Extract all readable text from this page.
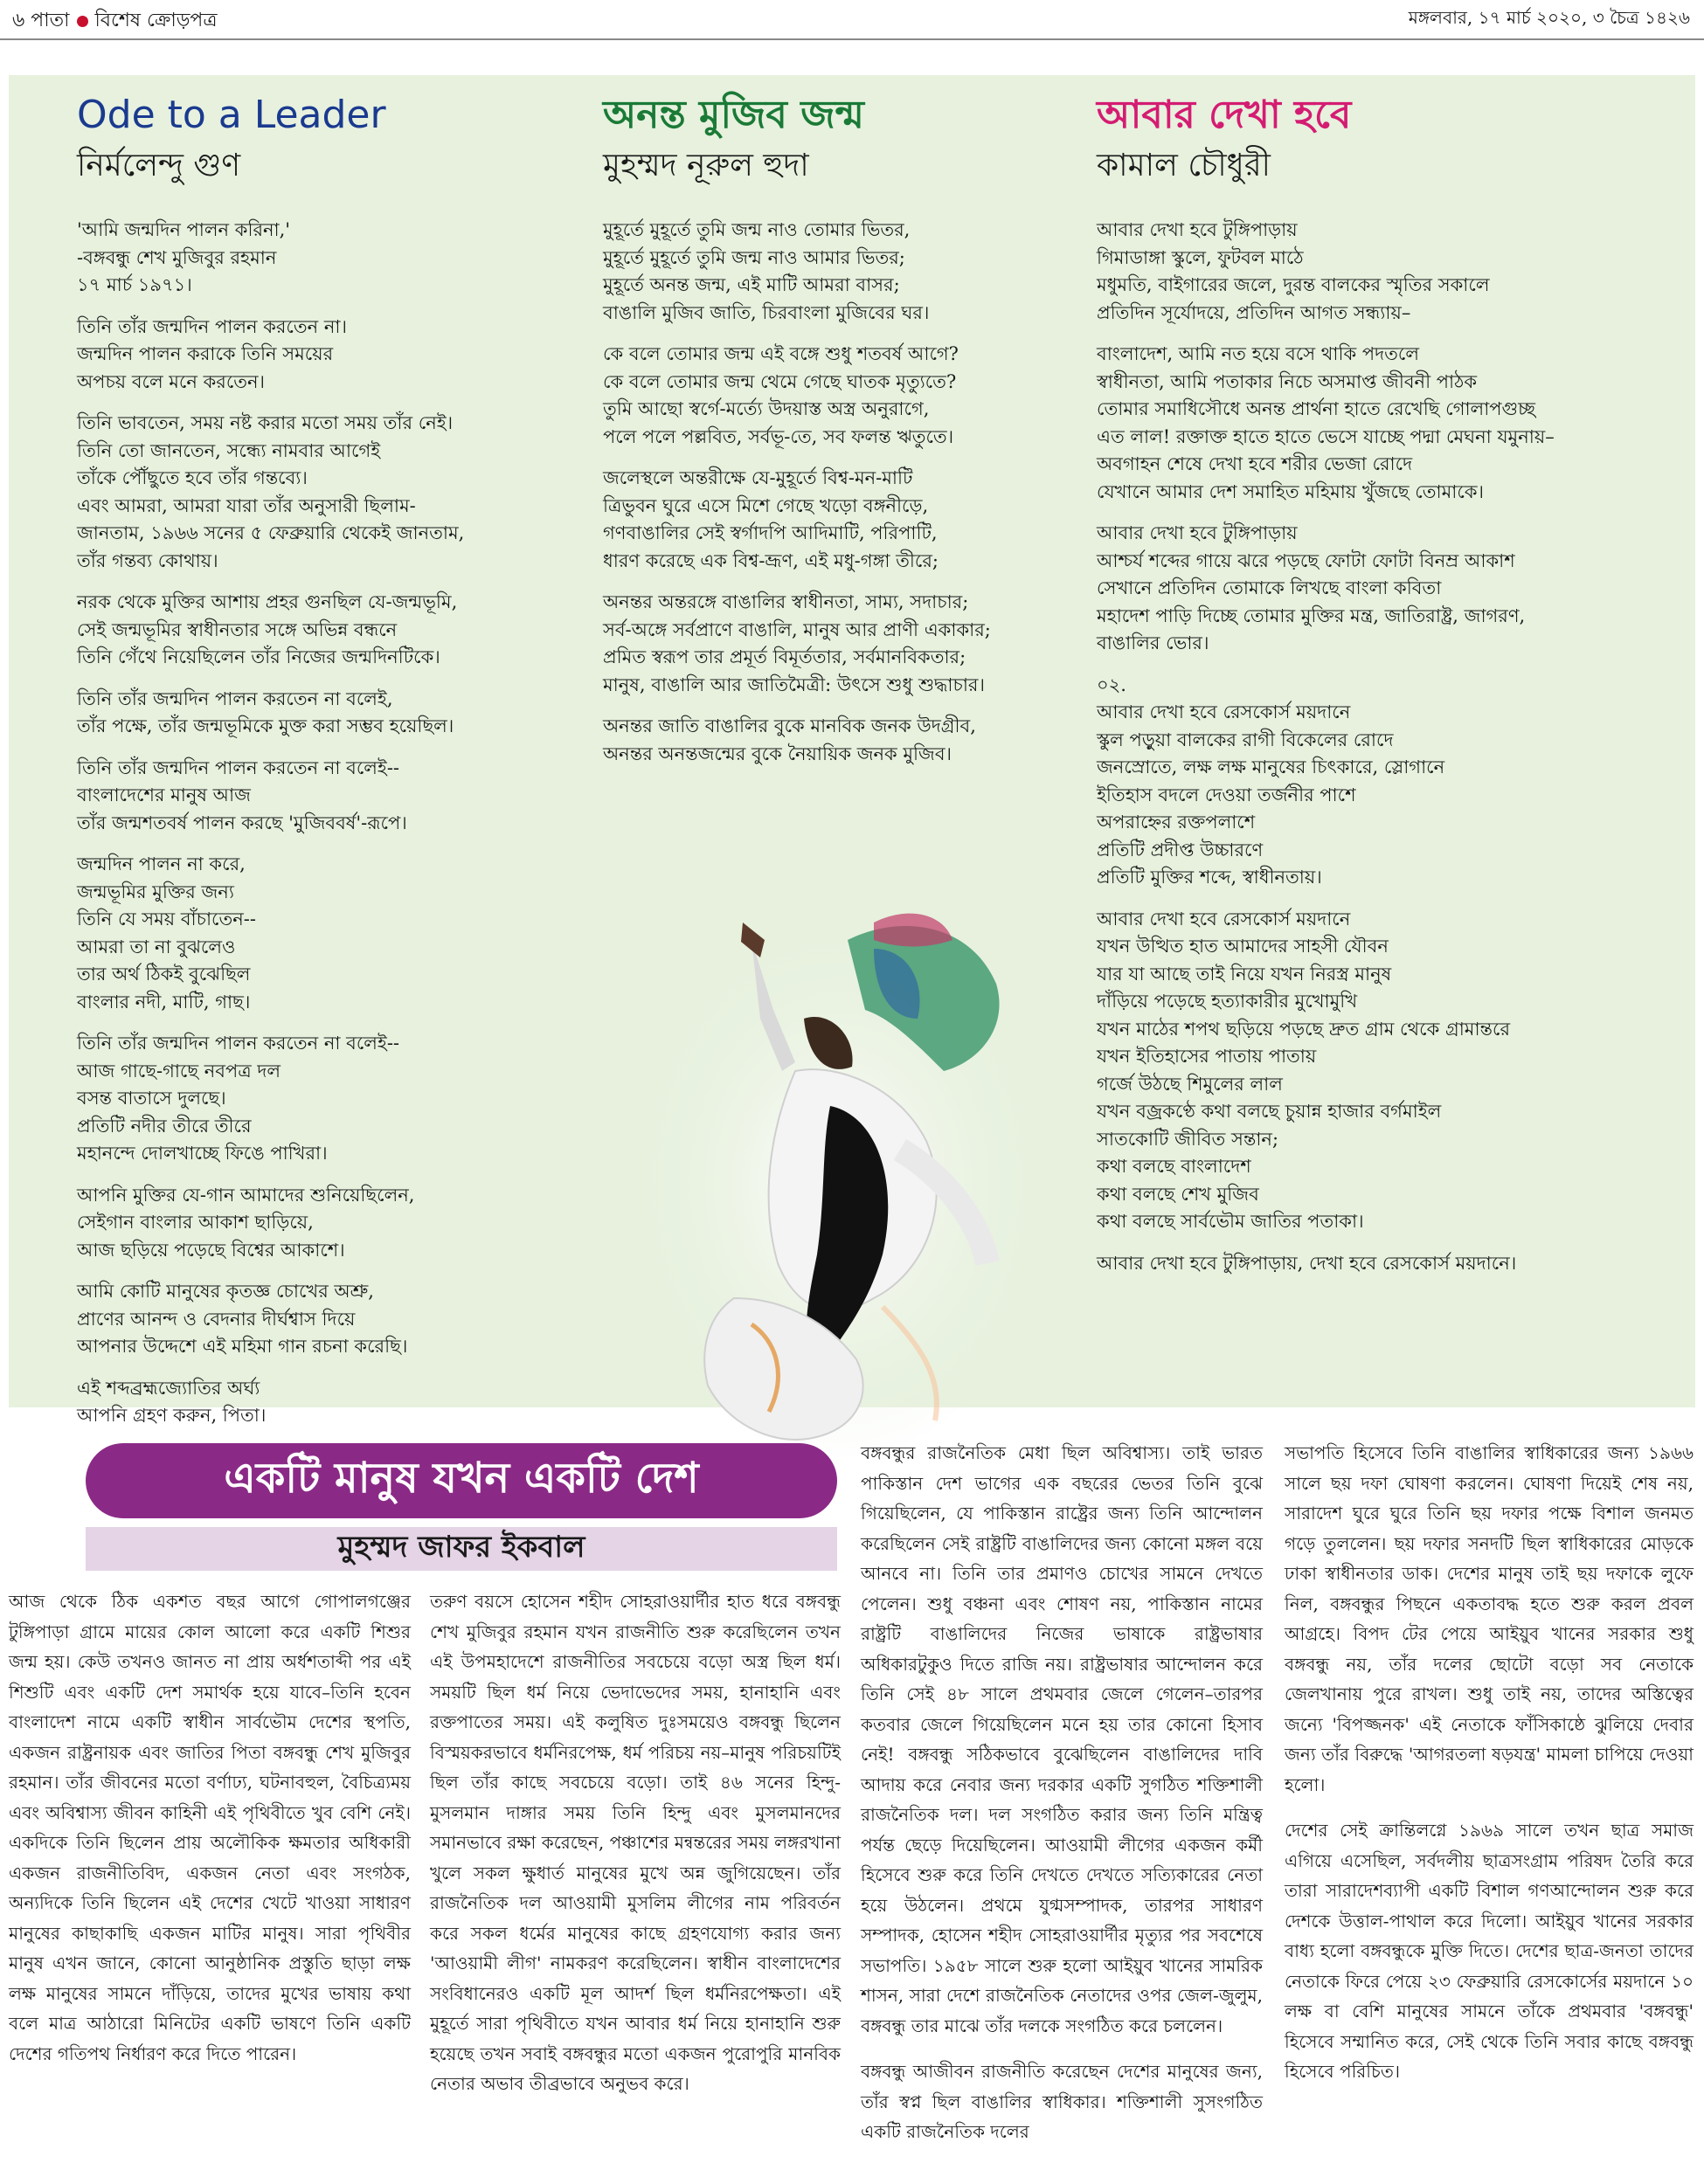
৬ পাতা বিশেষ ক্রোড়পত্র	মঙ্গলবার, ১৭ মার্চ ২০২০, ৩ চৈত্র ১৪২৬
Ode to a Leader
নির্মলেন্দু গুণ
'আমি জন্মদিন পালন করিনা,'
-বঙ্গবন্ধু শেখ মুজিবুর রহমান
১৭ মার্চ ১৯৭১।
তিনি তাঁর জন্মদিন পালন করতেন না।
জন্মদিন পালন করাকে তিনি সময়ের
অপচয় বলে মনে করতেন।
তিনি ভাবতেন, সময় নষ্ট করার মতো সময় তাঁর নেই।
তিনি তো জানতেন, সন্ধ্যে নামবার আগেই
তাঁকে পৌঁছুতে হবে তাঁর গন্তব্যে।
এবং আমরা, আমরা যারা তাঁর অনুসারী ছিলাম-
জানতাম, ১৯৬৬ সনের ৫ ফেব্রুয়ারি থেকেই জানতাম,
তাঁর গন্তব্য কোথায়।
নরক থেকে মুক্তির আশায় প্রহর গুনছিল যে-জন্মভূমি,
সেই জন্মভূমির স্বাধীনতার সঙ্গে অভিন্ন বন্ধনে
তিনি গেঁথে নিয়েছিলেন তাঁর নিজের জন্মদিনটিকে।
তিনি তাঁর জন্মদিন পালন করতেন না বলেই,
তাঁর পক্ষে, তাঁর জন্মভূমিকে মুক্ত করা সম্ভব হয়েছিল।
তিনি তাঁর জন্মদিন পালন করতেন না বলেই--
বাংলাদেশের মানুষ আজ
তাঁর জন্মশতবর্ষ পালন করছে 'মুজিববর্ষ'-রূপে।
জন্মদিন পালন না করে,
জন্মভূমির মুক্তির জন্য
তিনি যে সময় বাঁচাতেন--
আমরা তা না বুঝলেও
তার অর্থ ঠিকই বুঝেছিল
বাংলার নদী, মাটি, গাছ।
তিনি তাঁর জন্মদিন পালন করতেন না বলেই--
আজ গাছে-গাছে নবপত্র দল
বসন্ত বাতাসে দুলছে।
প্রতিটি নদীর তীরে তীরে
মহানন্দে দোলখাচ্ছে ফিঙে পাখিরা।
আপনি মুক্তির যে-গান আমাদের শুনিয়েছিলেন,
সেইগান বাংলার আকাশ ছাড়িয়ে,
আজ ছড়িয়ে পড়েছে বিশ্বের আকাশে।
আমি কোটি মানুষের কৃতজ্ঞ চোখের অশ্রু,
প্রাণের আনন্দ ও বেদনার দীর্ঘশ্বাস দিয়ে
আপনার উদ্দেশে এই মহিমা গান রচনা করেছি।
এই শব্দব্রহ্মজ্যোতির অর্ঘ্য
আপনি গ্রহণ করুন, পিতা।
অনন্ত মুজিব জন্ম
মুহম্মদ নূরুল হুদা
মুহূর্তে মুহূর্তে তুমি জন্ম নাও তোমার ভিতর,
মুহূর্তে মুহূর্তে তুমি জন্ম নাও আমার ভিতর;
মুহূর্তে অনন্ত জন্ম, এই মাটি আমরা বাসর;
বাঙালি মুজিব জাতি, চিরবাংলা মুজিবের ঘর।
কে বলে তোমার জন্ম এই বঙ্গে শুধু শতবর্ষ আগে?
কে বলে তোমার জন্ম থেমে গেছে ঘাতক মৃত্যুতে?
তুমি আছো স্বর্গে-মর্ত্যে উদয়াস্ত অস্ত্র অনুরাগে,
পলে পলে পল্লবিত, সর্বভূ-তে, সব ফলন্ত ঋতুতে।
জলেস্থলে অন্তরীক্ষে যে-মুহূর্তে বিশ্ব-মন-মাটি
ত্রিভুবন ঘুরে এসে মিশে গেছে খড়ো বঙ্গনীড়ে,
গণবাঙালির সেই স্বর্গাদপি আদিমাটি, পরিপাটি,
ধারণ করেছে এক বিশ্ব-ভ্রূণ, এই মধু-গঙ্গা তীরে;
অনন্তর অন্তরঙ্গে বাঙালির স্বাধীনতা, সাম্য, সদাচার;
সর্ব-অঙ্গে সর্বপ্রাণে বাঙালি, মানুষ আর প্রাণী একাকার;
প্রমিত স্বরূপ তার প্রমূর্ত বিমূর্ততার, সর্বমানবিকতার;
মানুষ, বাঙালি আর জাতিমৈত্রী: উৎসে শুধু শুদ্ধাচার।
অনন্তর জাতি বাঙালির বুকে মানবিক জনক উদগ্রীব,
অনন্তর অনন্তজন্মের বুকে নৈয়ায়িক জনক মুজিব।
আবার দেখা হবে
কামাল চৌধুরী
আবার দেখা হবে টুঙ্গিপাড়ায়
গিমাডাঙ্গা স্কুলে, ফুটবল মাঠে
মধুমতি, বাইগারের জলে, দুরন্ত বালকের স্মৃতির সকালে
প্রতিদিন সূর্যোদয়ে, প্রতিদিন আগত সন্ধ্যায়–
বাংলাদেশ, আমি নত হয়ে বসে থাকি পদতলে
স্বাধীনতা, আমি পতাকার নিচে অসমাপ্ত জীবনী পাঠক
তোমার সমাধিসৌধে অনন্ত প্রার্থনা হাতে রেখেছি গোলাপগুচ্ছ
এত লাল! রক্তাক্ত হাতে হাতে ভেসে যাচ্ছে পদ্মা মেঘনা যমুনায়–
অবগাহন শেষে দেখা হবে শরীর ভেজা রোদে
যেখানে আমার দেশ সমাহিত মহিমায় খুঁজছে তোমাকে।
আবার দেখা হবে টুঙ্গিপাড়ায়
আশ্চর্য শব্দের গায়ে ঝরে পড়ছে ফোটা ফোটা বিনম্র আকাশ
সেখানে প্রতিদিন তোমাকে লিখছে বাংলা কবিতা
মহাদেশ পাড়ি দিচ্ছে তোমার মুক্তির মন্ত্র, জাতিরাষ্ট্র, জাগরণ,
বাঙালির ভোর।
০২.
আবার দেখা হবে রেসকোর্স ময়দানে
স্কুল পড়ুয়া বালকের রাগী বিকেলের রোদে
জনস্রোতে, লক্ষ লক্ষ মানুষের চিৎকারে, স্লোগানে
ইতিহাস বদলে দেওয়া তর্জনীর পাশে
অপরাহ্নের রক্তপলাশে
প্রতিটি প্রদীপ্ত উচ্চারণে
প্রতিটি মুক্তির শব্দে, স্বাধীনতায়।
আবার দেখা হবে রেসকোর্স ময়দানে
যখন উত্থিত হাত আমাদের সাহসী যৌবন
যার যা আছে তাই নিয়ে যখন নিরস্ত্র মানুষ
দাঁড়িয়ে পড়েছে হত্যাকারীর মুখোমুখি
যখন মাঠের শপথ ছড়িয়ে পড়ছে দ্রুত গ্রাম থেকে গ্রামান্তরে
যখন ইতিহাসের পাতায় পাতায়
গর্জে উঠছে শিমুলের লাল
যখন বজ্রকণ্ঠে কথা বলছে চুয়ান্ন হাজার বর্গমাইল
সাতকোটি জীবিত সন্তান;
কথা বলছে বাংলাদেশ
কথা বলছে শেখ মুজিব
কথা বলছে সার্বভৌম জাতির পতাকা।
আবার দেখা হবে টুঙ্গিপাড়ায়, দেখা হবে রেসকোর্স ময়দানে।
একটি মানুষ যখন একটি দেশ
মুহম্মদ জাফর ইকবাল
আজ থেকে ঠিক একশত বছর আগে গোপালগঞ্জের টুঙ্গিপাড়া গ্রামে মায়ের কোল আলো করে একটি শিশুর জন্ম হয়। কেউ তখনও জানত না প্রায় অর্ধশতাব্দী পর এই শিশুটি এবং একটি দেশ সমার্থক হয়ে যাবে–তিনি হবেন বাংলাদেশ নামে একটি স্বাধীন সার্বভৌম দেশের স্থপতি, একজন রাষ্ট্রনায়ক এবং জাতির পিতা বঙ্গবন্ধু শেখ মুজিবুর রহমান। তাঁর জীবনের মতো বর্ণাঢ্য, ঘটনাবহুল, বৈচিত্র্যময় এবং অবিশ্বাস্য জীবন কাহিনী এই পৃথিবীতে খুব বেশি নেই। একদিকে তিনি ছিলেন প্রায় অলৌকিক ক্ষমতার অধিকারী একজন রাজনীতিবিদ, একজন নেতা এবং সংগঠক, অন্যদিকে তিনি ছিলেন এই দেশের খেটে খাওয়া সাধারণ মানুষের কাছাকাছি একজন মাটির মানুষ। সারা পৃথিবীর মানুষ এখন জানে, কোনো আনুষ্ঠানিক প্রস্তুতি ছাড়া লক্ষ লক্ষ মানুষের সামনে দাঁড়িয়ে, তাদের মুখের ভাষায় কথা বলে মাত্র আঠারো মিনিটের একটি ভাষণে তিনি একটি দেশের গতিপথ নির্ধারণ করে দিতে পারেন।
তরুণ বয়সে হোসেন শহীদ সোহরাওয়ার্দীর হাত ধরে বঙ্গবন্ধু শেখ মুজিবুর রহমান যখন রাজনীতি শুরু করেছিলেন তখন এই উপমহাদেশে রাজনীতির সবচেয়ে বড়ো অস্ত্র ছিল ধর্ম। সময়টি ছিল ধর্ম নিয়ে ভেদাভেদের সময়, হানাহানি এবং রক্তপাতের সময়। এই কলুষিত দুঃসময়েও বঙ্গবন্ধু ছিলেন বিস্ময়করভাবে ধর্মনিরপেক্ষ, ধর্ম পরিচয় নয়–মানুষ পরিচয়টিই ছিল তাঁর কাছে সবচেয়ে বড়ো। তাই ৪৬ সনের হিন্দু-মুসলমান দাঙ্গার সময় তিনি হিন্দু এবং মুসলমানদের সমানভাবে রক্ষা করেছেন, পঞ্চাশের মন্বন্তরের সময় লঙ্গরখানা খুলে সকল ক্ষুধার্ত মানুষের মুখে অন্ন জুগিয়েছেন। তাঁর রাজনৈতিক দল আওয়ামী মুসলিম লীগের নাম পরিবর্তন করে সকল ধর্মের মানুষের কাছে গ্রহণযোগ্য করার জন্য 'আওয়ামী লীগ' নামকরণ করেছিলেন। স্বাধীন বাংলাদেশের সংবিধানেরও একটি মূল আদর্শ ছিল ধর্মনিরপেক্ষতা। এই মুহূর্তে সারা পৃথিবীতে যখন আবার ধর্ম নিয়ে হানাহানি শুরু হয়েছে তখন সবাই বঙ্গবন্ধুর মতো একজন পুরোপুরি মানবিক নেতার অভাব তীব্রভাবে অনুভব করে।
বঙ্গবন্ধুর রাজনৈতিক মেধা ছিল অবিশ্বাস্য। তাই ভারত পাকিস্তান দেশ ভাগের এক বছরের ভেতর তিনি বুঝে গিয়েছিলেন, যে পাকিস্তান রাষ্ট্রের জন্য তিনি আন্দোলন করেছিলেন সেই রাষ্ট্রটি বাঙালিদের জন্য কোনো মঙ্গল বয়ে আনবে না। তিনি তার প্রমাণও চোখের সামনে দেখতে পেলেন। শুধু বঞ্চনা এবং শোষণ নয়, পাকিস্তান নামের রাষ্ট্রটি বাঙালিদের নিজের ভাষাকে রাষ্ট্রভাষার অধিকারটুকুও দিতে রাজি নয়। রাষ্ট্রভাষার আন্দোলন করে তিনি সেই ৪৮ সালে প্রথমবার জেলে গেলেন–তারপর কতবার জেলে গিয়েছিলেন মনে হয় তার কোনো হিসাব নেই! বঙ্গবন্ধু সঠিকভাবে বুঝেছিলেন বাঙালিদের দাবি আদায় করে নেবার জন্য দরকার একটি সুগঠিত শক্তিশালী রাজনৈতিক দল। দল সংগঠিত করার জন্য তিনি মন্ত্রিত্ব পর্যন্ত ছেড়ে দিয়েছিলেন। আওয়ামী লীগের একজন কর্মী হিসেবে শুরু করে তিনি দেখতে দেখতে সত্যিকারের নেতা হয়ে উঠলেন। প্রথমে যুগ্মসম্পাদক, তারপর সাধারণ সম্পাদক, হোসেন শহীদ সোহরাওয়ার্দীর মৃত্যুর পর সবশেষে সভাপতি। ১৯৫৮ সালে শুরু হলো আইয়ুব খানের সামরিক শাসন, সারা দেশে রাজনৈতিক নেতাদের ওপর জেল-জুলুম, বঙ্গবন্ধু তার মাঝে তাঁর দলকে সংগঠিত করে চললেন।
বঙ্গবন্ধু আজীবন রাজনীতি করেছেন দেশের মানুষের জন্য, তাঁর স্বপ্ন ছিল বাঙালির স্বাধিকার। শক্তিশালী সুসংগঠিত একটি রাজনৈতিক দলের
সভাপতি হিসেবে তিনি বাঙালির স্বাধিকারের জন্য ১৯৬৬ সালে ছয় দফা ঘোষণা করলেন। ঘোষণা দিয়েই শেষ নয়, সারাদেশ ঘুরে ঘুরে তিনি ছয় দফার পক্ষে বিশাল জনমত গড়ে তুললেন। ছয় দফার সনদটি ছিল স্বাধিকারের মোড়কে ঢাকা স্বাধীনতার ডাক। দেশের মানুষ তাই ছয় দফাকে লুফে নিল, বঙ্গবন্ধুর পিছনে একতাবদ্ধ হতে শুরু করল প্রবল আগ্রহে। বিপদ টের পেয়ে আইয়ুব খানের সরকার শুধু বঙ্গবন্ধু নয়, তাঁর দলের ছোটো বড়ো সব নেতাকে জেলখানায় পুরে রাখল। শুধু তাই নয়, তাদের অস্তিত্বের জন্যে 'বিপজ্জনক' এই নেতাকে ফাঁসিকাষ্ঠে ঝুলিয়ে দেবার জন্য তাঁর বিরুদ্ধে 'আগরতলা ষড়যন্ত্র' মামলা চাপিয়ে দেওয়া হলো।
দেশের সেই ক্রান্তিলগ্নে ১৯৬৯ সালে তখন ছাত্র সমাজ এগিয়ে এসেছিল, সর্বদলীয় ছাত্রসংগ্রাম পরিষদ তৈরি করে তারা সারাদেশব্যাপী একটি বিশাল গণআন্দোলন শুরু করে দেশকে উত্তাল-পাথাল করে দিলো। আইয়ুব খানের সরকার বাধ্য হলো বঙ্গবন্ধুকে মুক্তি দিতে। দেশের ছাত্র-জনতা তাদের নেতাকে ফিরে পেয়ে ২৩ ফেব্রুয়ারি রেসকোর্সের ময়দানে ১০ লক্ষ বা বেশি মানুষের সামনে তাঁকে প্রথমবার 'বঙ্গবন্ধু' হিসেবে সম্মানিত করে, সেই থেকে তিনি সবার কাছে বঙ্গবন্ধু হিসেবে পরিচিত।
